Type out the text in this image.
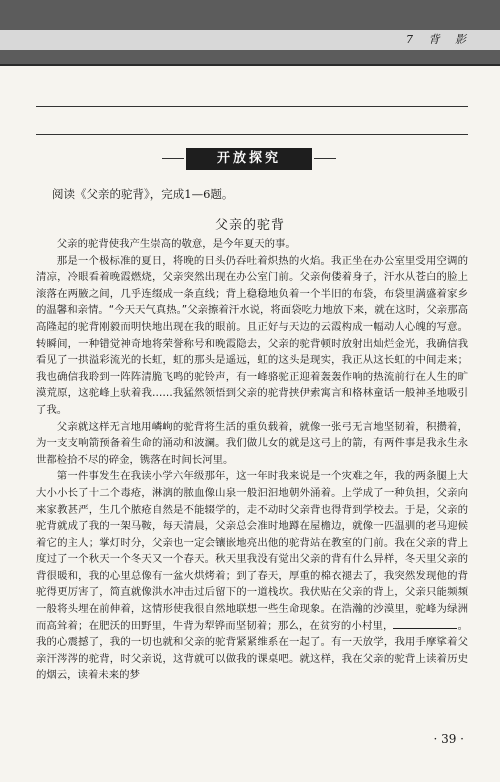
7 背 影
开放探究
阅读《父亲的驼背》，完成1—6题。
父亲的驼背

父亲的驼背使我产生崇高的敬意，是今年夏天的事。

那是一个极标准的夏日，将晚的日头仍吞吐着炽热的火焰。我正坐在办公室里受用空调的清凉，冷眼看着晚霞燃烧，父亲突然出现在办公室门前。父亲佝偻着身子，汗水从苍白的脸上滚落在两腋之间，几乎连缀成一条直线；背上稳稳地负着一个半旧的布袋，布袋里满盛着家乡的温馨和亲情。“今天天气真热。”父亲擦着汗水说，将面袋吃力地放下来，就在这时，父亲那高高隆起的驼背刚毅而明快地出现在我的眼前。且正好与天边的云霞构成一幅动人心魄的写意。转瞬间，一种错觉神奇地将荣誉称号和晚霞隐去，父亲的驼背顿时放射出灿烂金光，我确信我看见了一拱溢彩流光的长虹，虹的那头是遥远，虹的这头是现实，我正从这长虹的中间走来；我也确信我聆到一阵阵清脆飞鸣的驼铃声，有一峰骆驼正迎着轰轰作响的热流前行在人生的旷漠荒原，这驼峰上驮着我……我猛然领悟到父亲的驼背挟伊索寓言和格林童话一般神圣地吸引了我。

父亲就这样无言地用嶙峋的驼背将生活的重负载着，就像一张弓无言地坚韧着，积攒着，为一支支响箭预备着生命的涌动和波澜。我们做儿女的就是这弓上的箭，有两件事是我永生永世都检拾不尽的碎金，镌落在时间长河里。

第一件事发生在我读小学六年级那年，这一年时我来说是一个灾难之年，我的两条腿上大大小小长了十二个毒疮，淋漓的脓血像山泉一般汩汩地朝外涌着。上学成了一种负担，父亲向来家教甚严，生几个脓疮自然是不能辍学的，走不动时父亲背也得背到学校去。于是，父亲的驼背就成了我的一架马鞍，每天清晨，父亲总会准时地蹲在屋檐边，就像一匹温驯的老马迎候着它的主人；掌灯时分，父亲也一定会镶嵌地亮出他的驼背站在教室的门前。我在父亲的背上度过了一个秋天一个冬天又一个春天。秋天里我没有觉出父亲的背有什么异样，冬天里父亲的背很暖和，我的心里总像有一盆火烘烤着；到了春天，厚重的棉衣褪去了，我突然发现他的背驼得更厉害了，简直就像洪水冲击过后留下的一道栈坎。我伏贴在父亲的背上，父亲只能频频一般将头埋在前伸着，这情形使我很自然地联想一些生命现象。在浩瀚的沙漠里，驼峰为绿洲而高耸着；在肥沃的田野里，牛背为犁铧而坚韧着；那么，在贫穷的小村里，	。我的心震撼了，我的一切也就和父亲的驼背紧紧维系在一起了。有一天放学，我用手摩挲着父亲汗涔涔的驼背，时父亲说，这背就可以做我的课桌吧。就这样，我在父亲的驼背上读着历史的烟云，读着未来的梦

· 39 ·
